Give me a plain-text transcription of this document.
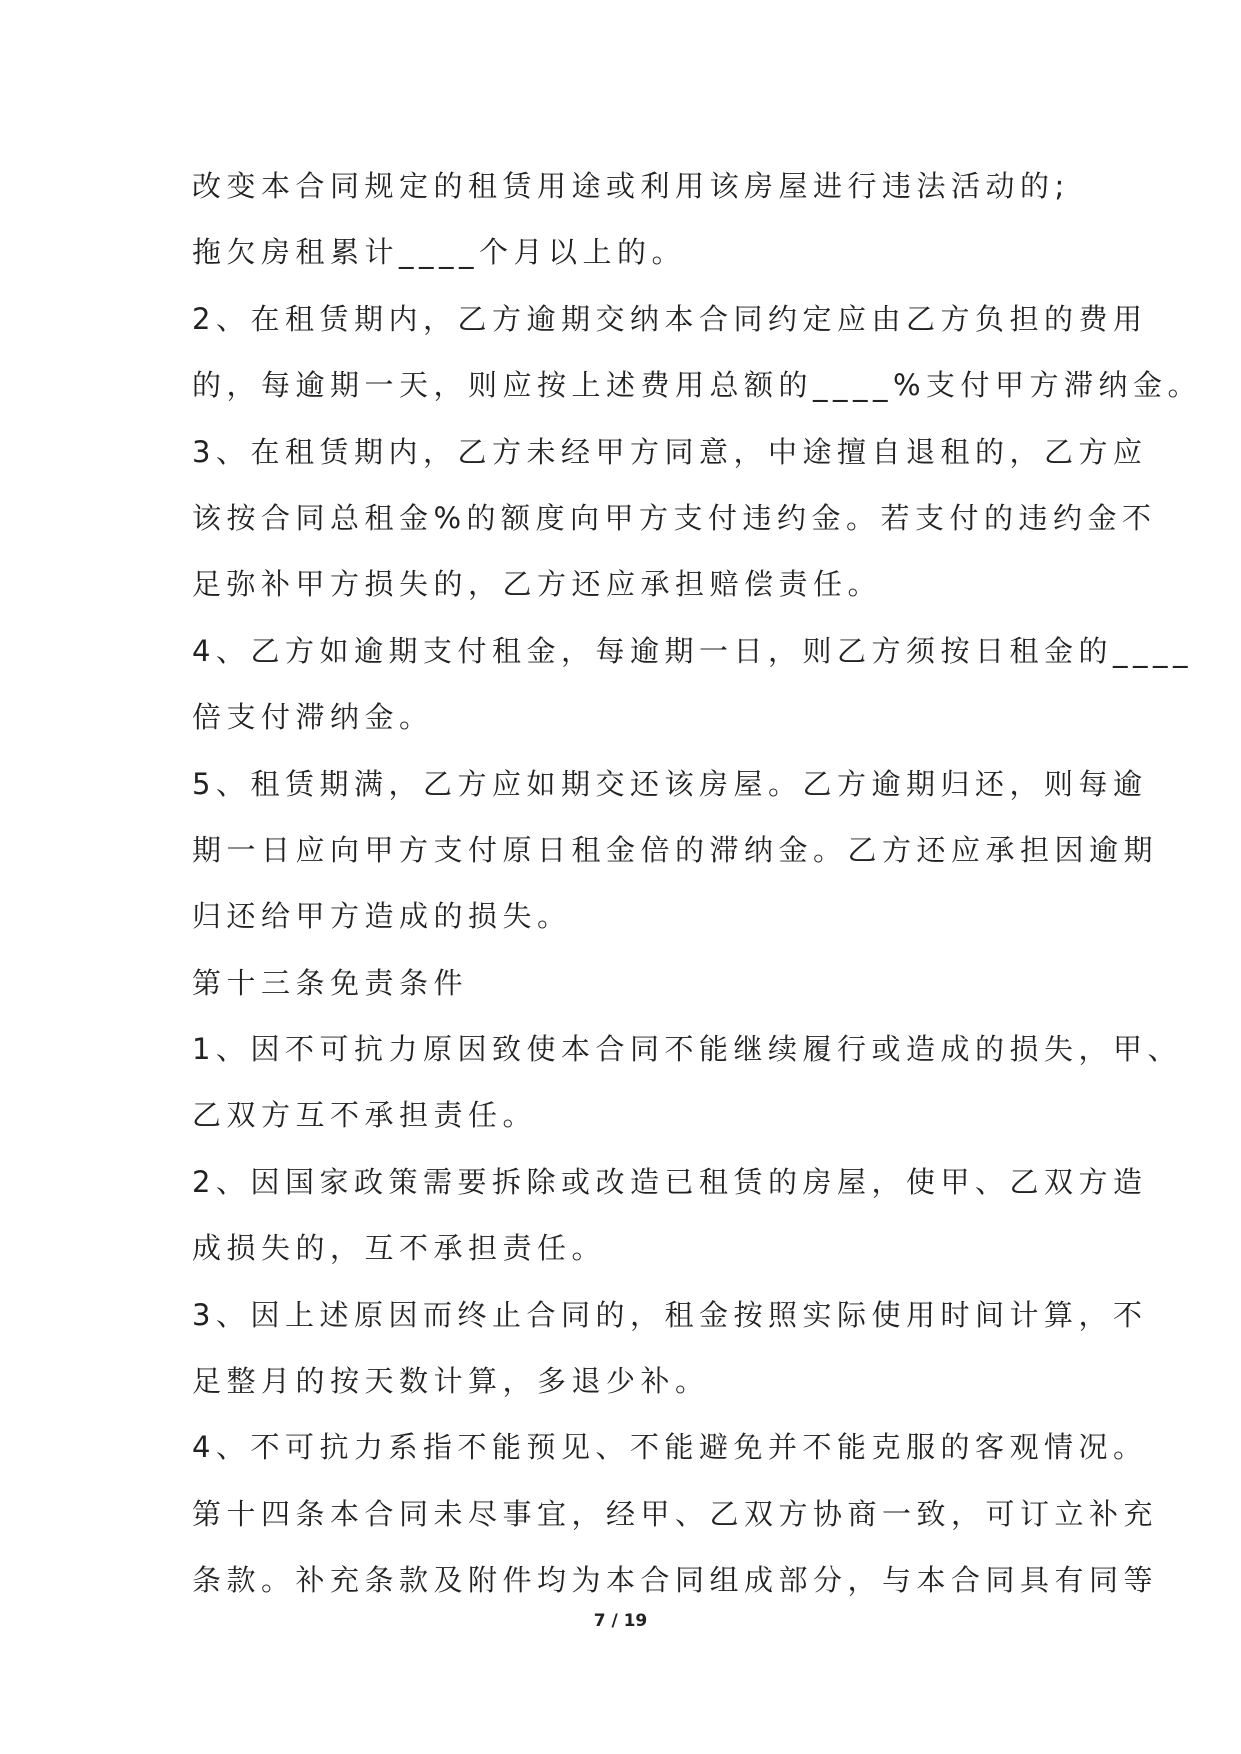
改变本合同规定的租赁用途或利用该房屋进行违法活动的;
拖欠房租累计____个月以上的。
2、在租赁期内，乙方逾期交纳本合同约定应由乙方负担的费用
的，每逾期一天，则应按上述费用总额的____%支付甲方滞纳金。
3、在租赁期内，乙方未经甲方同意，中途擅自退租的，乙方应
该按合同总租金%的额度向甲方支付违约金。若支付的违约金不
足弥补甲方损失的，乙方还应承担赔偿责任。
4、乙方如逾期支付租金，每逾期一日，则乙方须按日租金的____
倍支付滞纳金。
5、租赁期满，乙方应如期交还该房屋。乙方逾期归还，则每逾
期一日应向甲方支付原日租金倍的滞纳金。乙方还应承担因逾期
归还给甲方造成的损失。
第十三条免责条件
1、因不可抗力原因致使本合同不能继续履行或造成的损失，甲、
乙双方互不承担责任。
2、因国家政策需要拆除或改造已租赁的房屋，使甲、乙双方造
成损失的，互不承担责任。
3、因上述原因而终止合同的，租金按照实际使用时间计算，不
足整月的按天数计算，多退少补。
4、不可抗力系指不能预见、不能避免并不能克服的客观情况。
第十四条本合同未尽事宜，经甲、乙双方协商一致，可订立补充
条款。补充条款及附件均为本合同组成部分，与本合同具有同等
7 / 19
